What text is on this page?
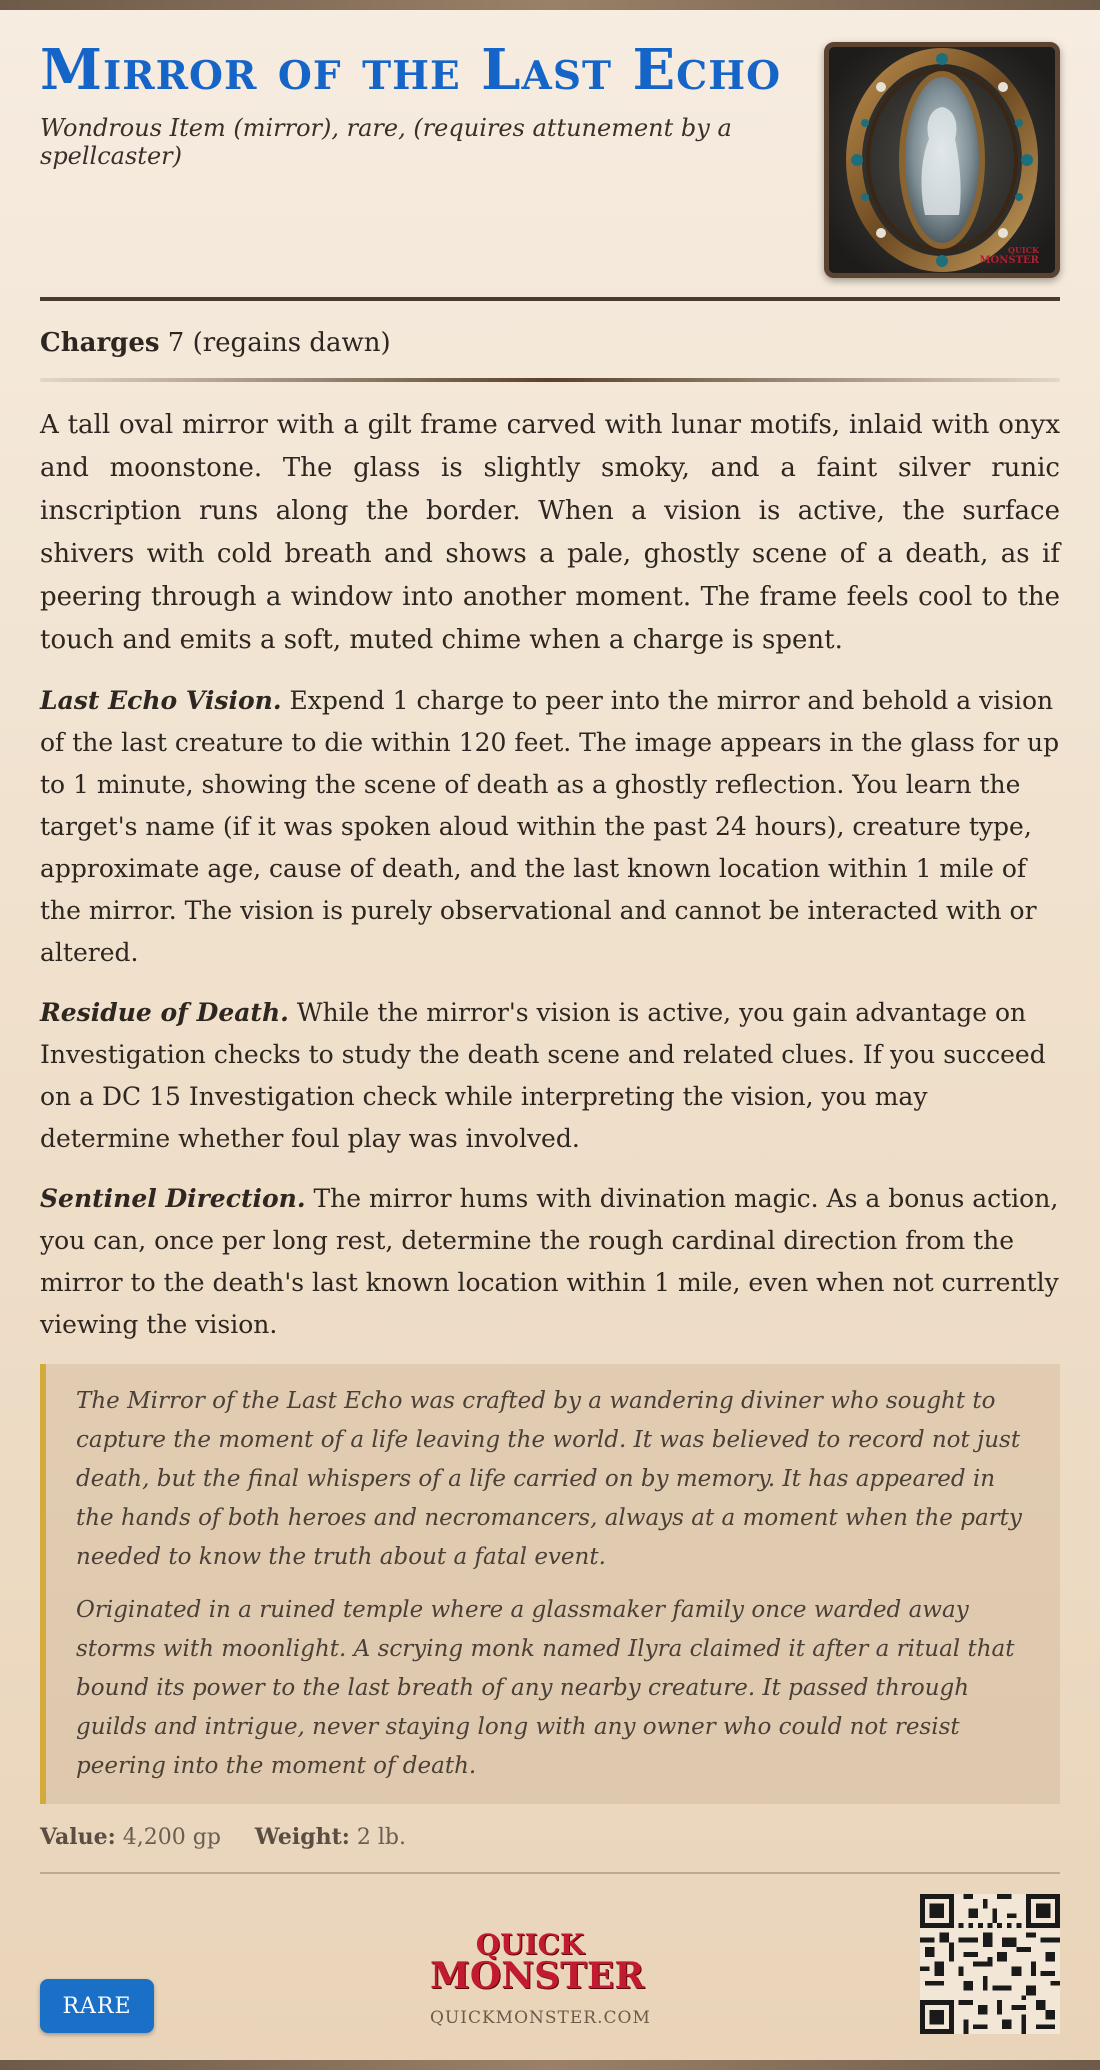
Mirror of the Last Echo
Wondrous Item (mirror), rare, (requires attunement by a spellcaster)
QUICK
MONSTER
Charges 7 (regains dawn)

A tall oval mirror with a gilt frame carved with lunar motifs, inlaid with onyx and moonstone. The glass is slightly smoky, and a faint silver runic inscription runs along the border. When a vision is active, the surface shivers with cold breath and shows a pale, ghostly scene of a death, as if peering through a window into another moment. The frame feels cool to the touch and emits a soft, muted chime when a charge is spent.

Last Echo Vision. Expend 1 charge to peer into the mirror and behold a vision of the last creature to die within 120 feet. The image appears in the glass for up to 1 minute, showing the scene of death as a ghostly reflection. You learn the target's name (if it was spoken aloud within the past 24 hours), creature type, approximate age, cause of death, and the last known location within 1 mile of the mirror. The vision is purely observational and cannot be interacted with or altered.

Residue of Death. While the mirror's vision is active, you gain advantage on Investigation checks to study the death scene and related clues. If you succeed on a DC 15 Investigation check while interpreting the vision, you may determine whether foul play was involved.

Sentinel Direction. The mirror hums with divination magic. As a bonus action, you can, once per long rest, determine the rough cardinal direction from the mirror to the death's last known location within 1 mile, even when not currently viewing the vision.

The Mirror of the Last Echo was crafted by a wandering diviner who sought to capture the moment of a life leaving the world. It was believed to record not just death, but the final whispers of a life carried on by memory. It has appeared in the hands of both heroes and necromancers, always at a moment when the party needed to know the truth about a fatal event.

Originated in a ruined temple where a glassmaker family once warded away storms with moonlight. A scrying monk named Ilyra claimed it after a ritual that bound its power to the last breath of any nearby creature. It passed through guilds and intrigue, never staying long with any owner who could not resist peering into the moment of death.

Value: 4,200 gp Weight: 2 lb.
RARE
QUICK
MONSTER
QUICKMONSTER.COM
